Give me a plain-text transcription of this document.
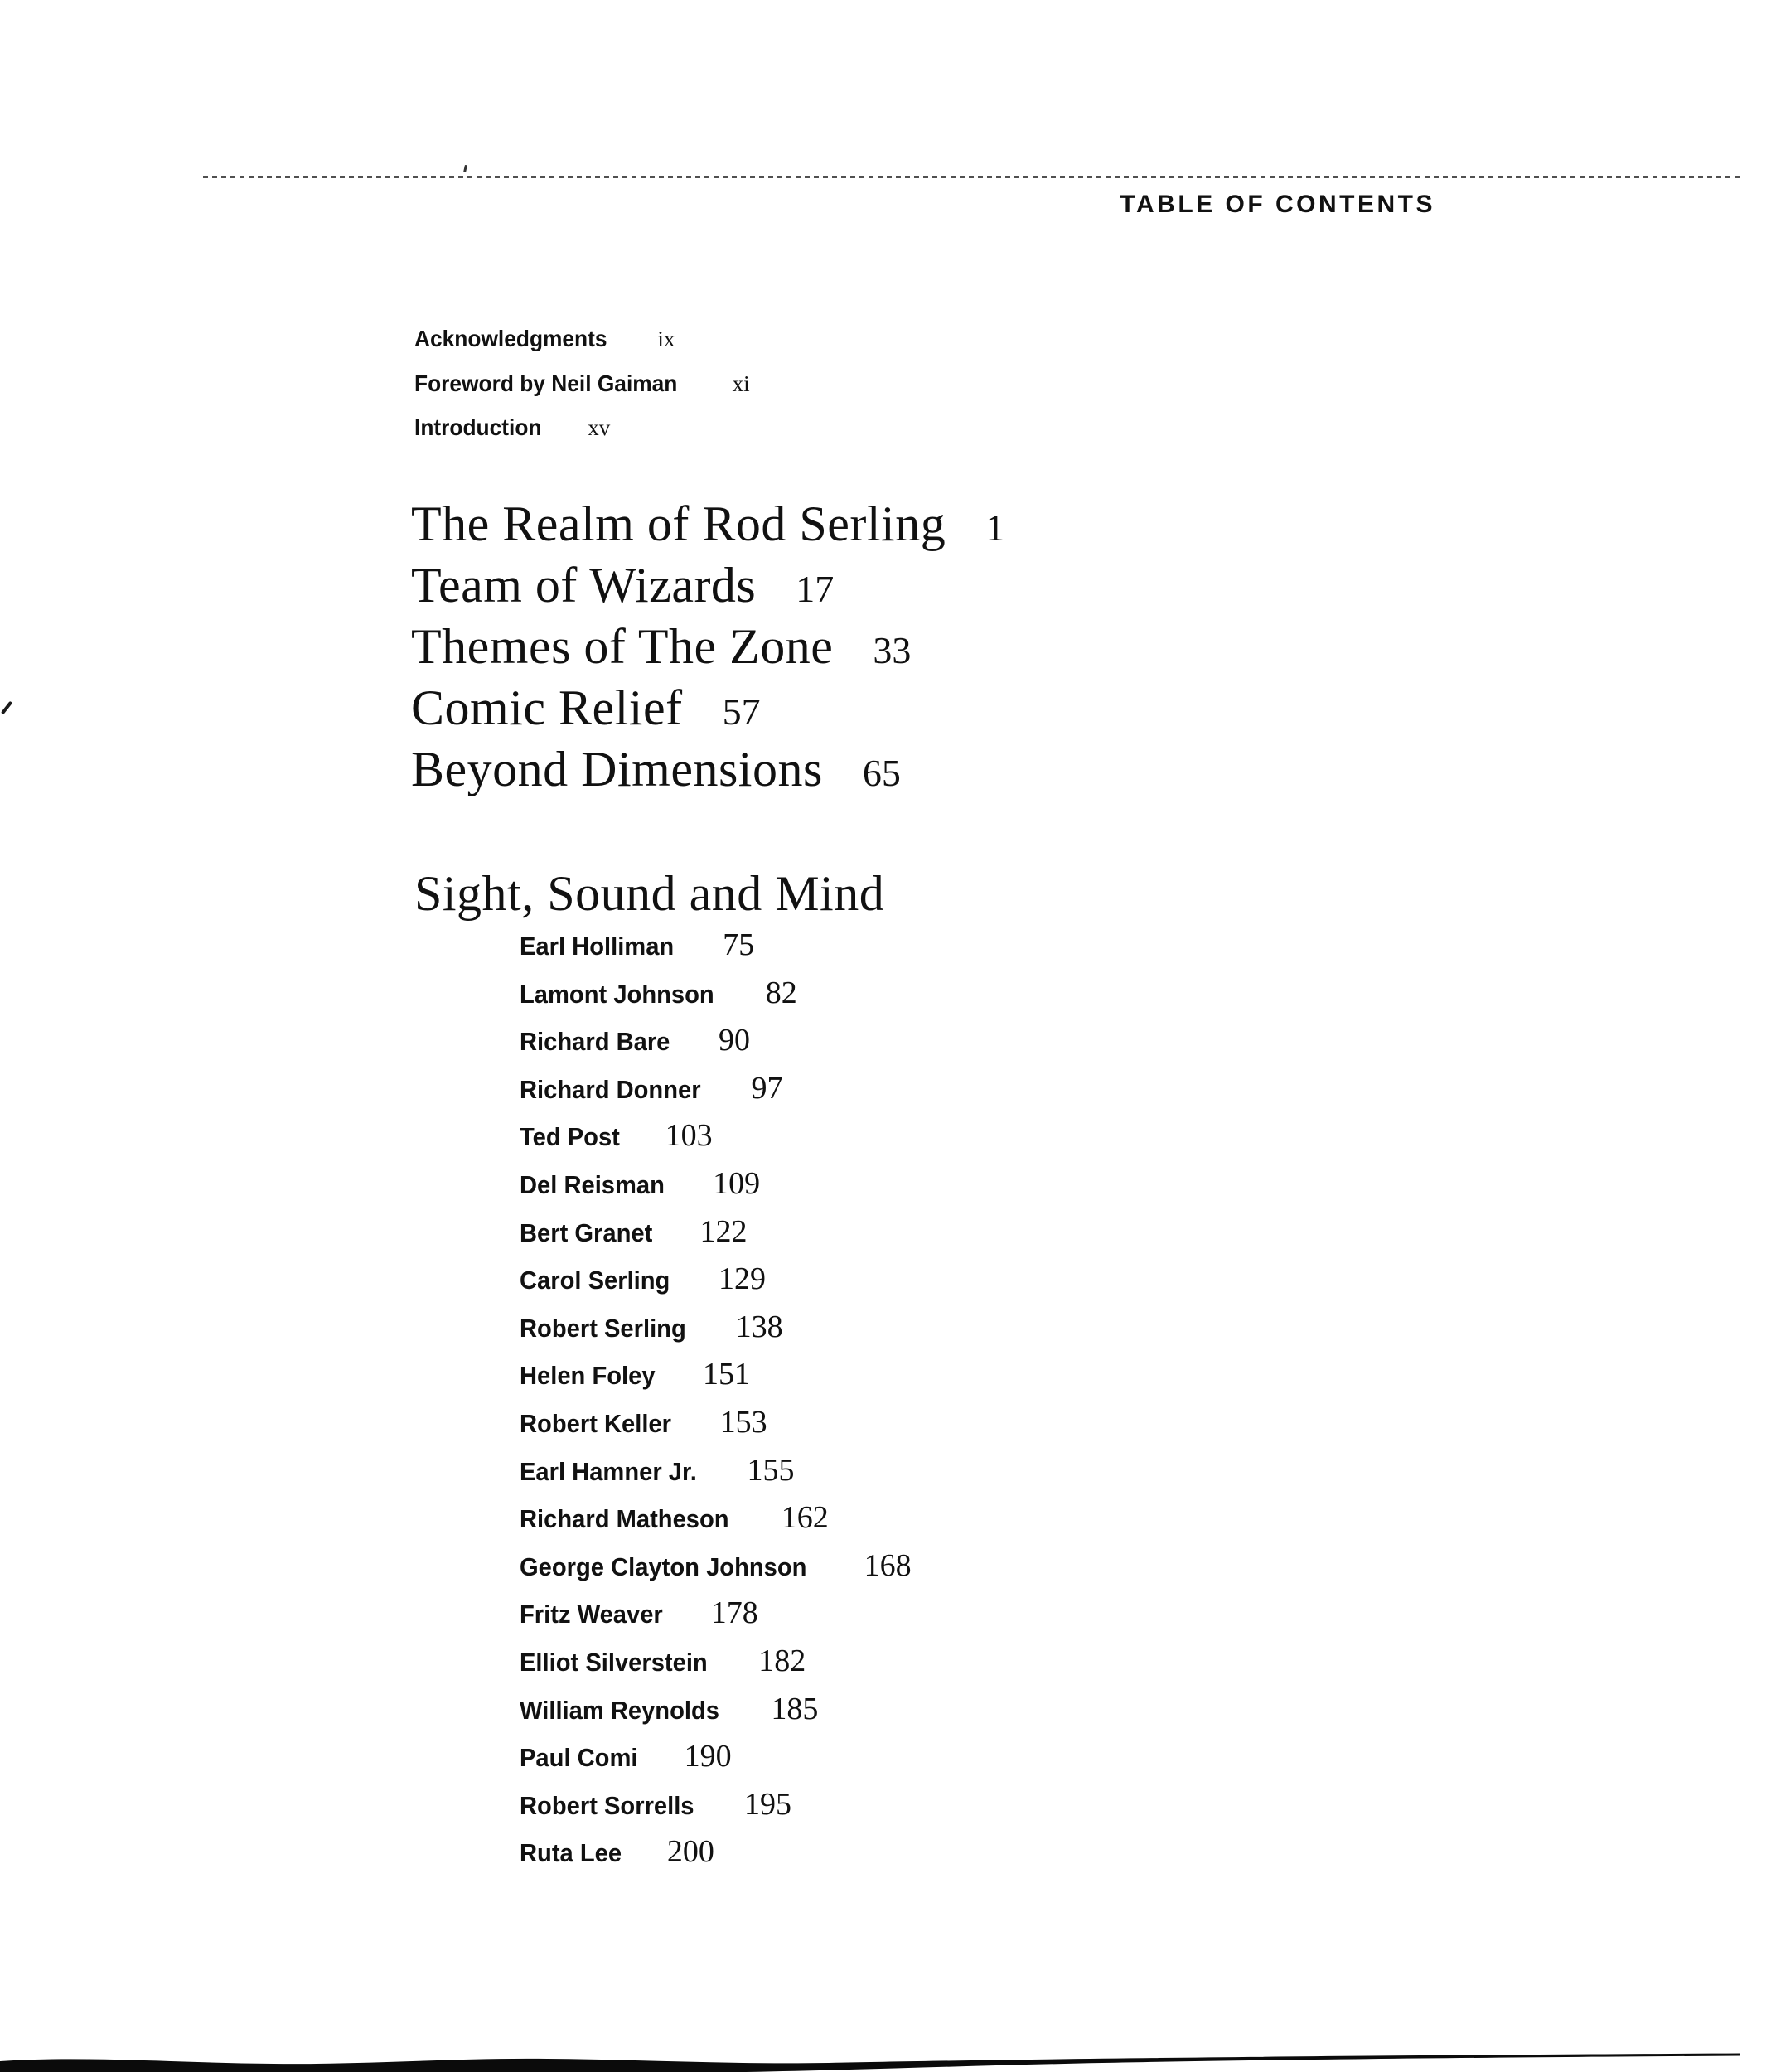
TABLE OF CONTENTS
Acknowledgments ix
Foreword by Neil Gaiman xi
Introduction xv
The Realm of Rod Serling 1
Team of Wizards 17
Themes of The Zone 33
Comic Relief 57
Beyond Dimensions 65
Sight, Sound and Mind
Earl Holliman 75
Lamont Johnson 82
Richard Bare 90
Richard Donner 97
Ted Post 103
Del Reisman 109
Bert Granet 122
Carol Serling 129
Robert Serling 138
Helen Foley 151
Robert Keller 153
Earl Hamner Jr. 155
Richard Matheson 162
George Clayton Johnson 168
Fritz Weaver 178
Elliot Silverstein 182
William Reynolds 185
Paul Comi 190
Robert Sorrells 195
Ruta Lee 200
